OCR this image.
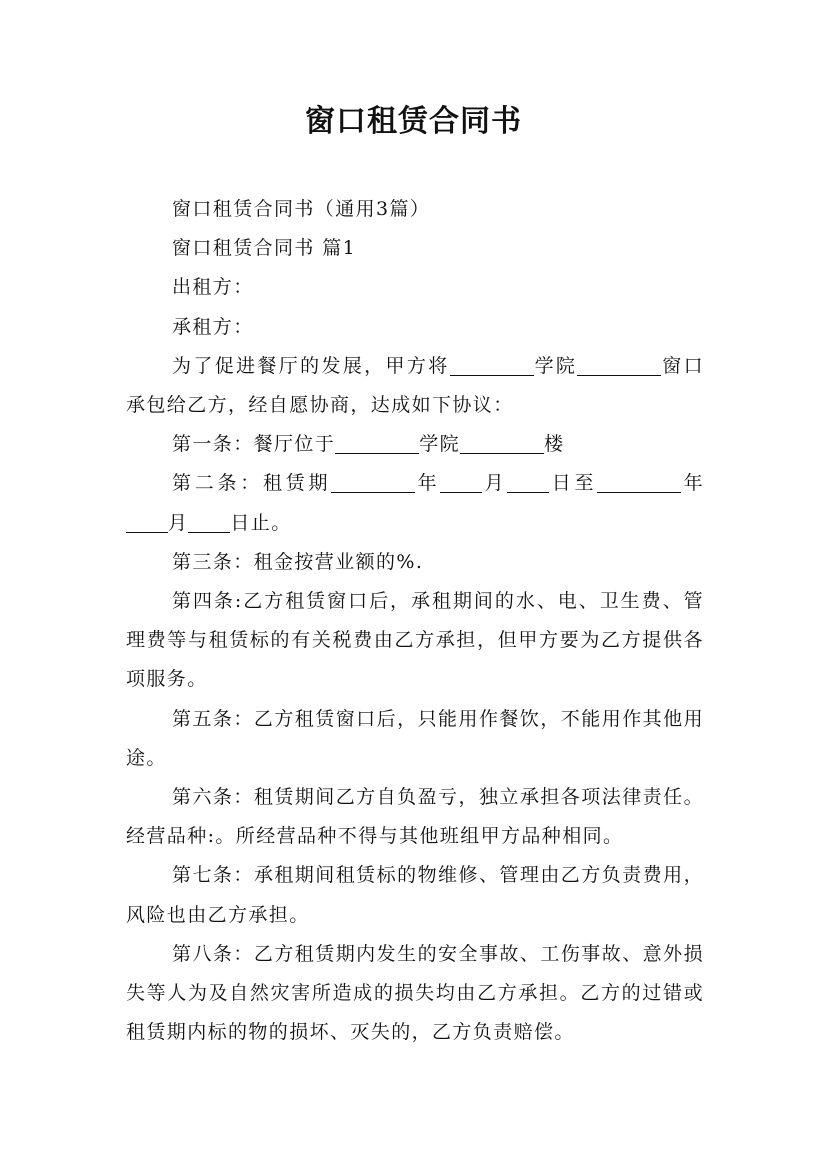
窗口租赁合同书

窗口租赁合同书（通用3篇）

窗口租赁合同书 篇1

出租方：

承租方：

为了促进餐厅的发展，甲方将	学院	窗口承包给乙方，经自愿协商，达成如下协议：

第一条：餐厅位于	学院	楼

第二条：租赁期	年 月 日至	年月 日止。

第三条：租金按营业额的%.

第四条:乙方租赁窗口后，承租期间的水、电、卫生费、管理费等与租赁标的有关税费由乙方承担，但甲方要为乙方提供各项服务。

第五条：乙方租赁窗口后，只能用作餐饮，不能用作其他用途。

第六条：租赁期间乙方自负盈亏，独立承担各项法律责任。经营品种:。所经营品种不得与其他班组甲方品种相同。

第七条：承租期间租赁标的物维修、管理由乙方负责费用，风险也由乙方承担。

第八条：乙方租赁期内发生的安全事故、工伤事故、意外损失等人为及自然灾害所造成的损失均由乙方承担。乙方的过错或租赁期内标的物的损坏、灭失的，乙方负责赔偿。
